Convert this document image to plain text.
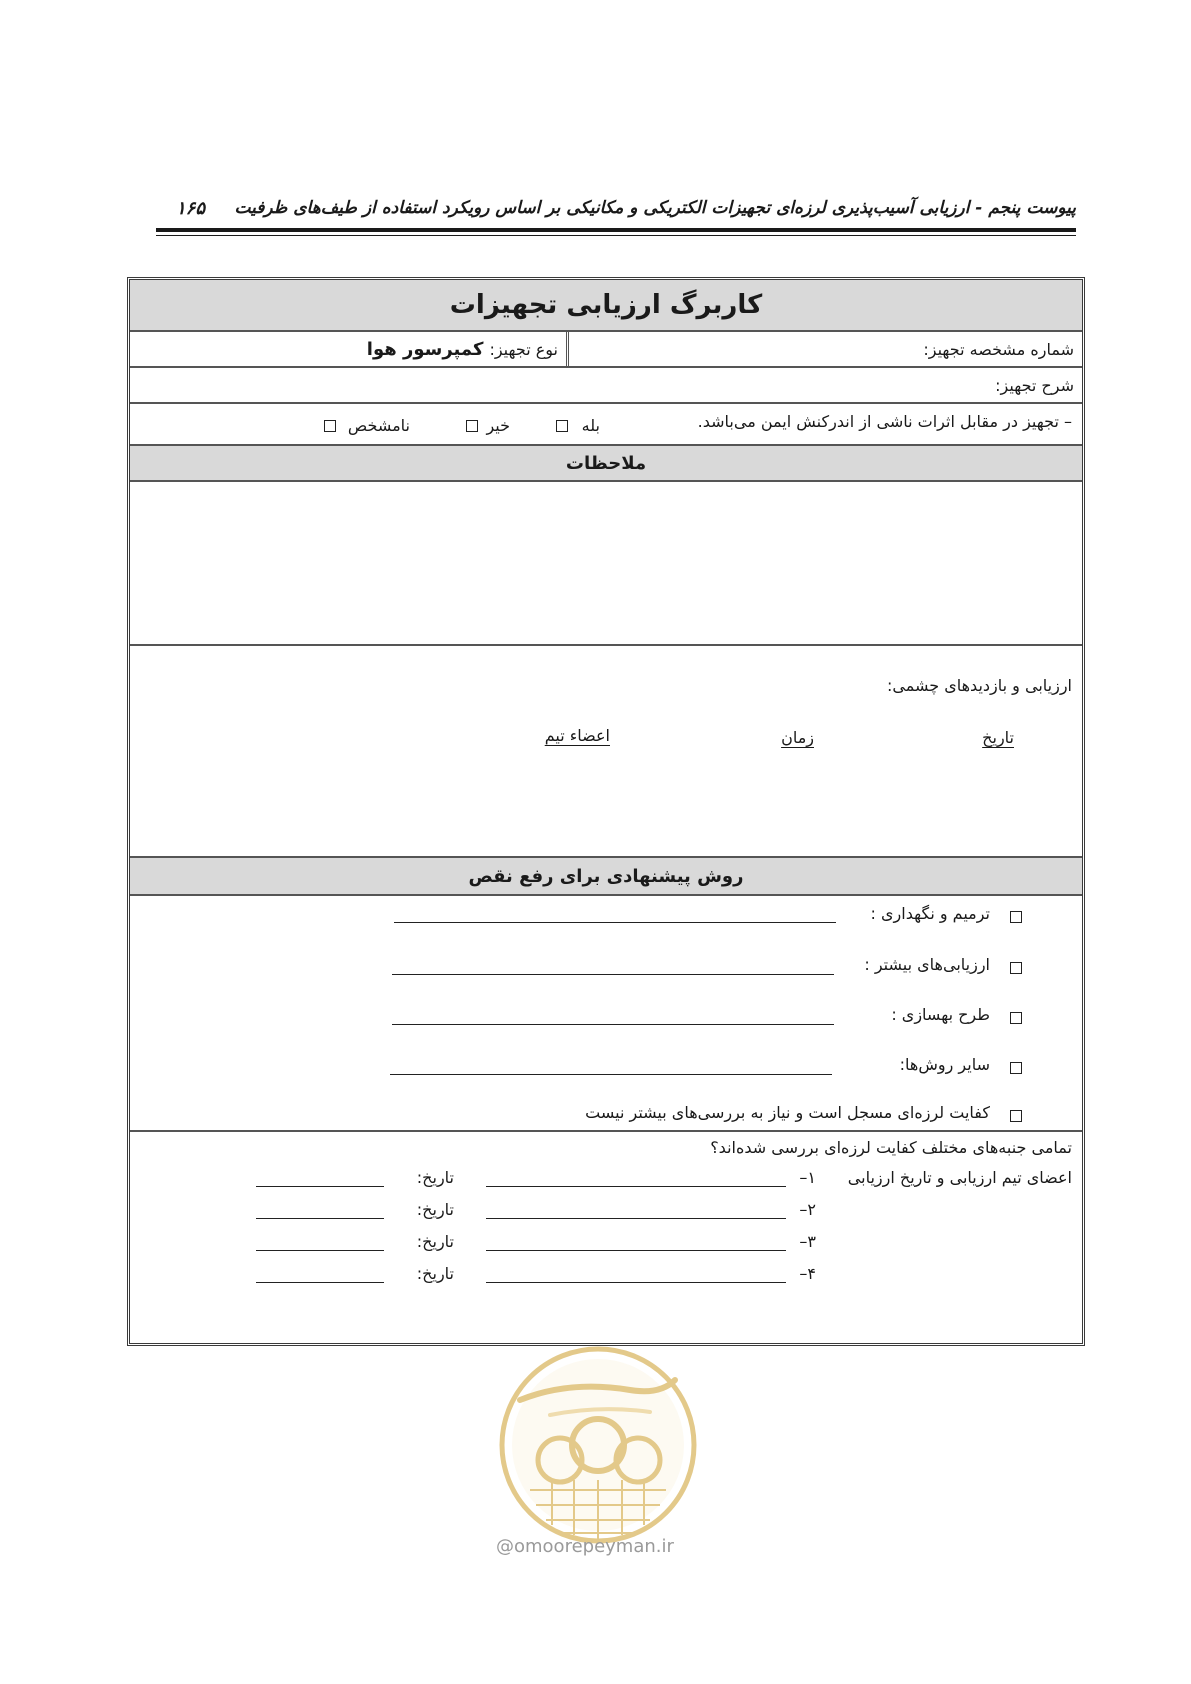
پیوست پنجم - ارزیابی آسیب‌پذیری لرزه‌ای تجهیزات الکتریکی و مکانیکی بر اساس رویکرد استفاده از طیف‌های ظرفیت
۱۶۵
کاربرگ ارزیابی تجهیزات
شماره مشخصه تجهیز:
نوع تجهیز:
کمپرسور هوا
شرح تجهیز:
– تجهیز در مقابل اثرات ناشی از اندرکنش ایمن می‌باشد.
بله
خیر
نامشخص
ملاحظات
ارزیابی و بازدیدهای چشمی:
تاریخ
زمان
اعضاء تیم
روش پیشنهادی برای رفع نقص
ترمیم و نگهداری :
ارزیابی‌های بیشتر :
طرح بهسازی :
سایر روش‌ها:
کفایت لرزه‌ای مسجل است و نیاز به بررسی‌های بیشتر نیست
تمامی جنبه‌های مختلف کفایت لرزه‌ای بررسی شده‌اند؟
اعضای تیم ارزیابی و تاریخ ارزیابی
۱–
تاریخ:
۲–
تاریخ:
۳–
تاریخ:
۴–
تاریخ:
@omoorepeyman.ir
